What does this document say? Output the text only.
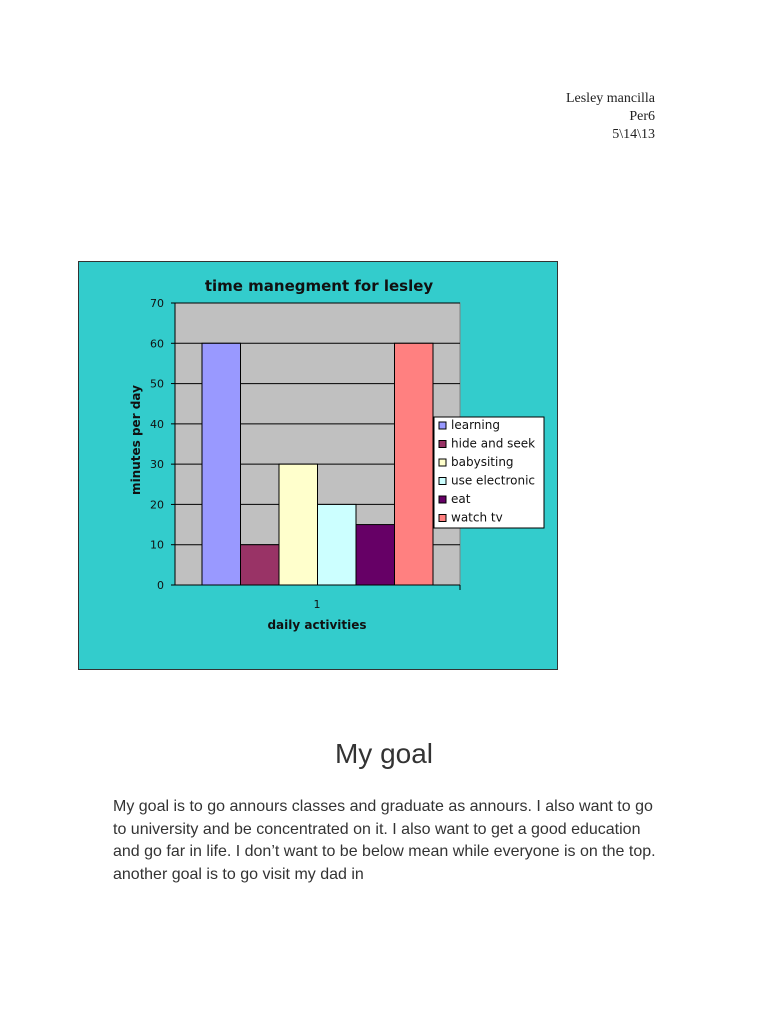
Lesley mancilla
Per6
5\14\13
time manegment for lesley
0
10
20
30
40
50
60
70
1
daily activities
minutes per day	learning
hide and seek
babysiting
use electronic
eat
watch tv
My goal
My goal is to go annours classes and graduate as annours. I also want to go to university and be concentrated on it. I also want to get a good education and go far in life. I don’t want to be below mean while everyone is on the top. another goal is to go visit my dad in
